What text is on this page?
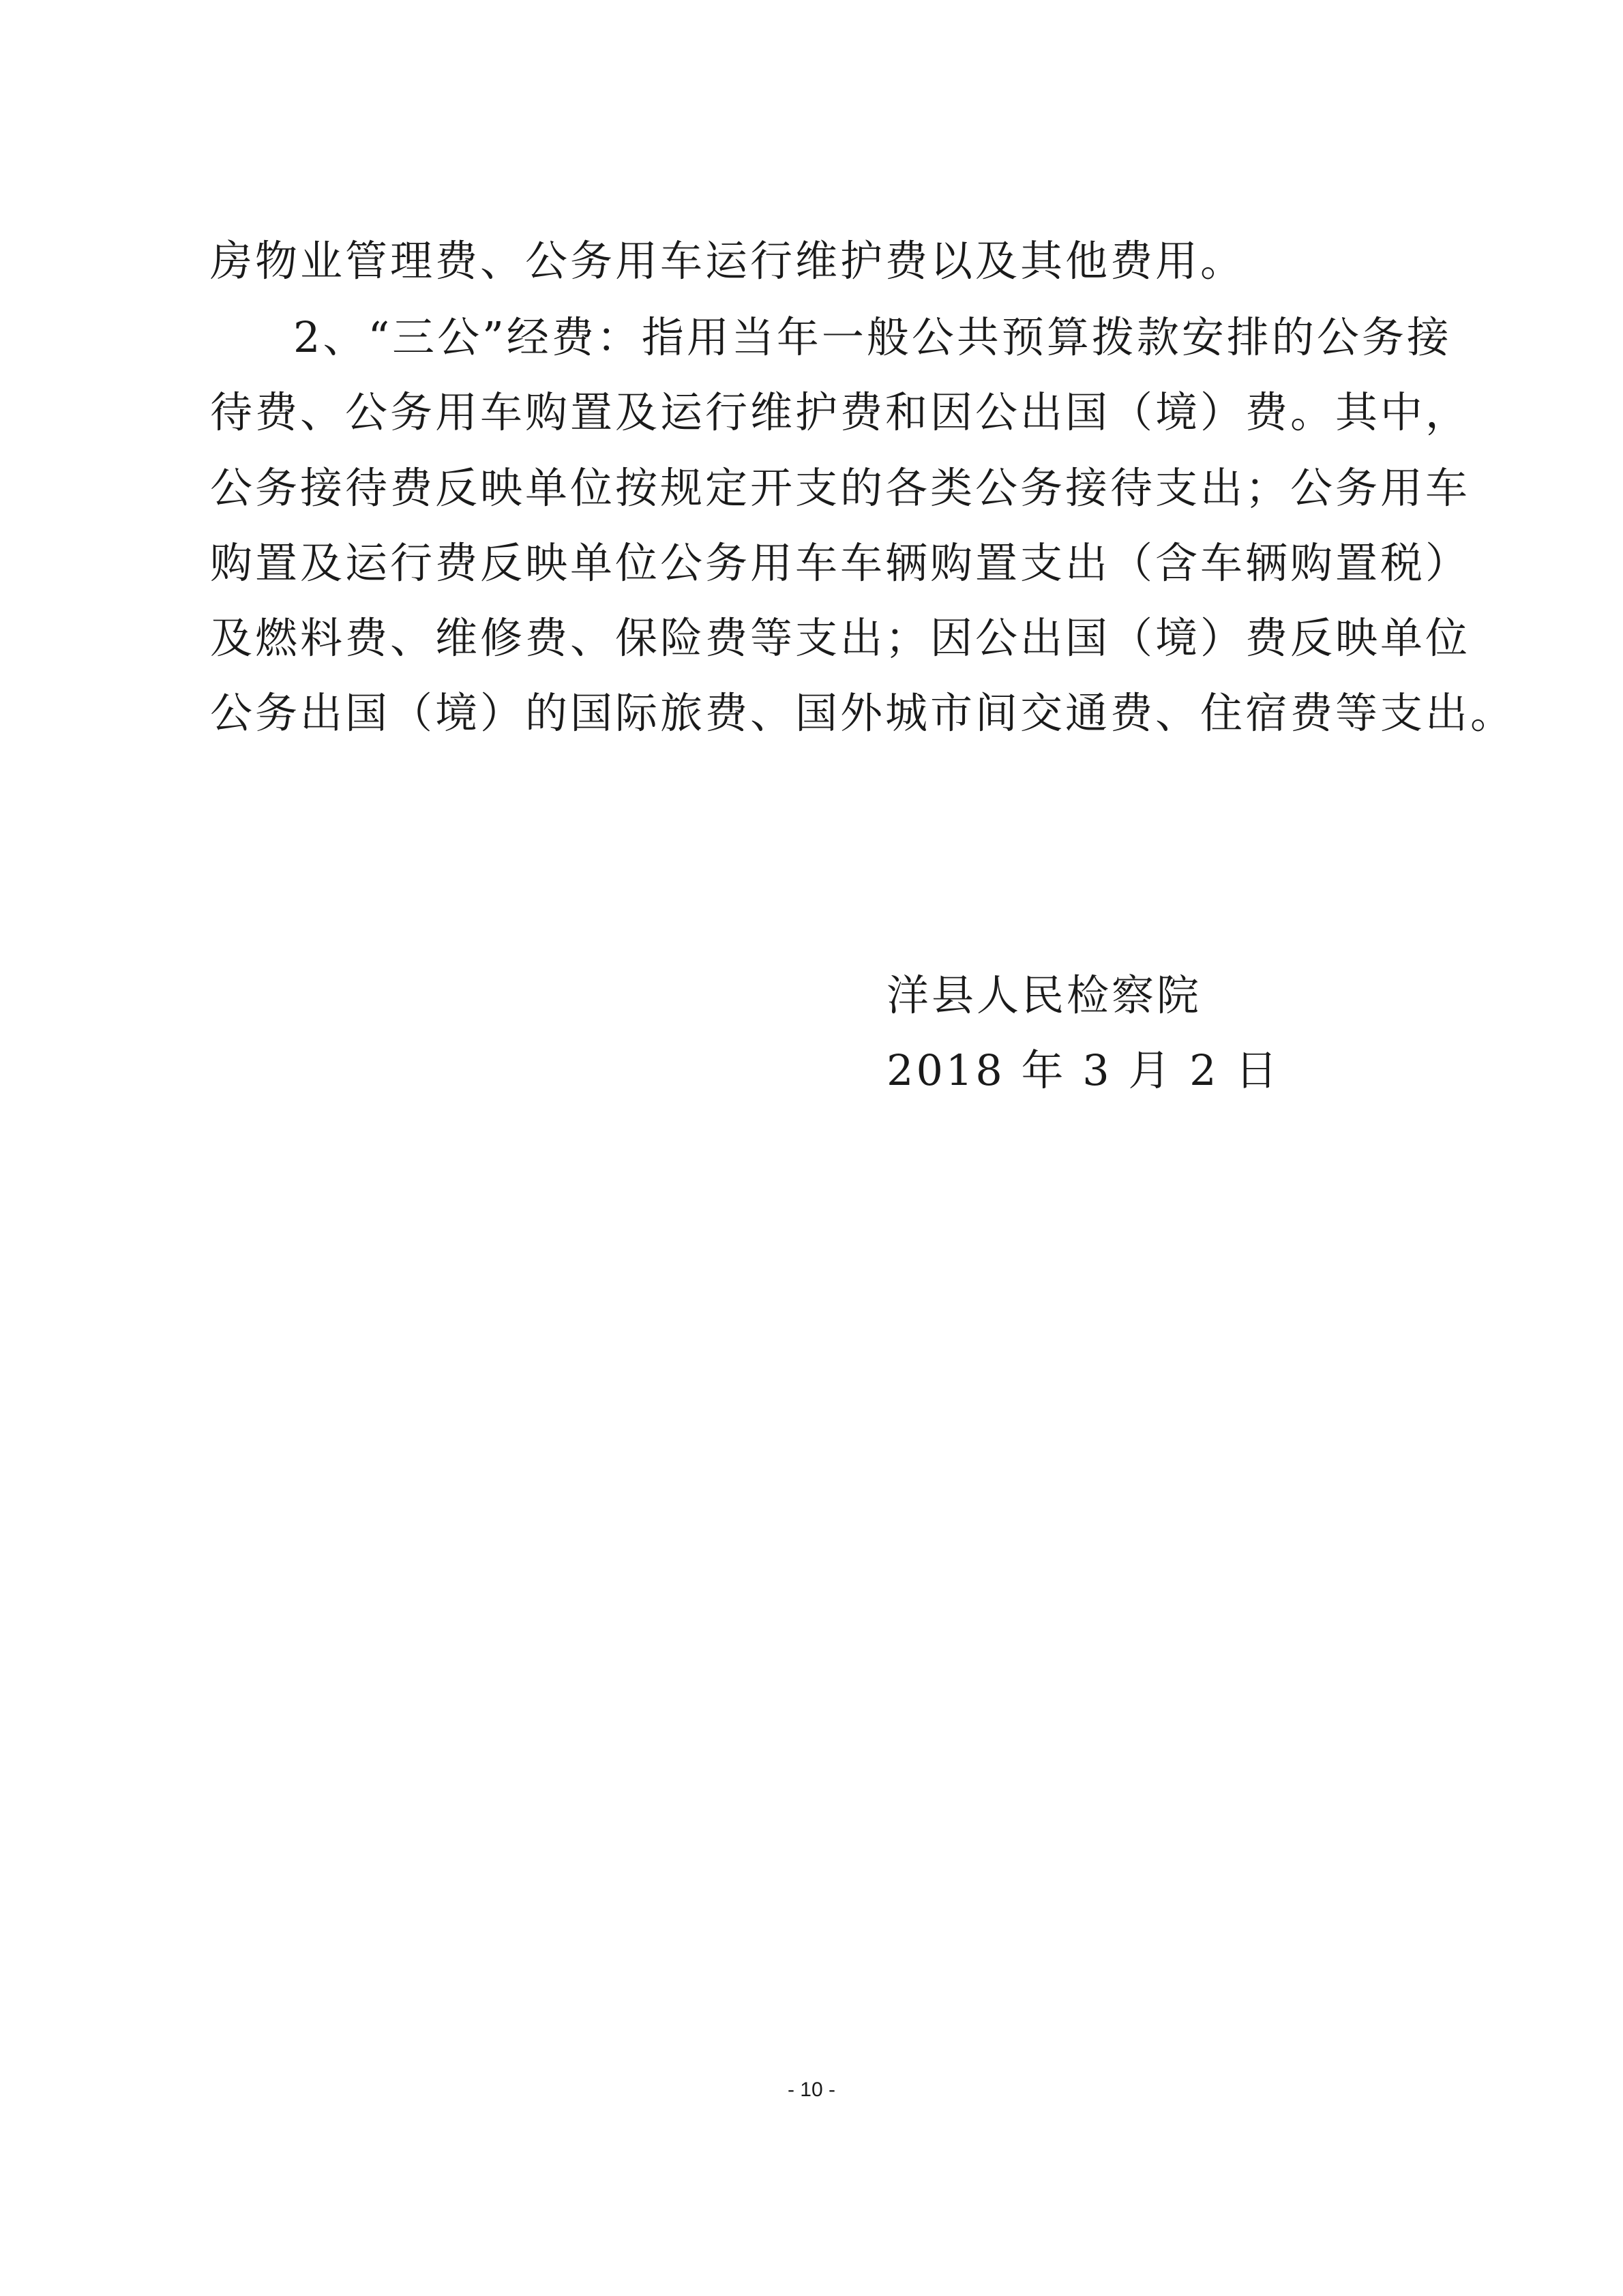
房物业管理费、公务用车运行维护费以及其他费用。
2、“三公”经费：指用当年一般公共预算拨款安排的公务接
待费、公务用车购置及运行维护费和因公出国（境）费。其中，
公务接待费反映单位按规定开支的各类公务接待支出；公务用车
购置及运行费反映单位公务用车车辆购置支出（含车辆购置税）
及燃料费、维修费、保险费等支出；因公出国（境）费反映单位
公务出国（境）的国际旅费、国外城市间交通费、住宿费等支出。
洋县人民检察院
2018 年 3 月 2 日
- 10 -
